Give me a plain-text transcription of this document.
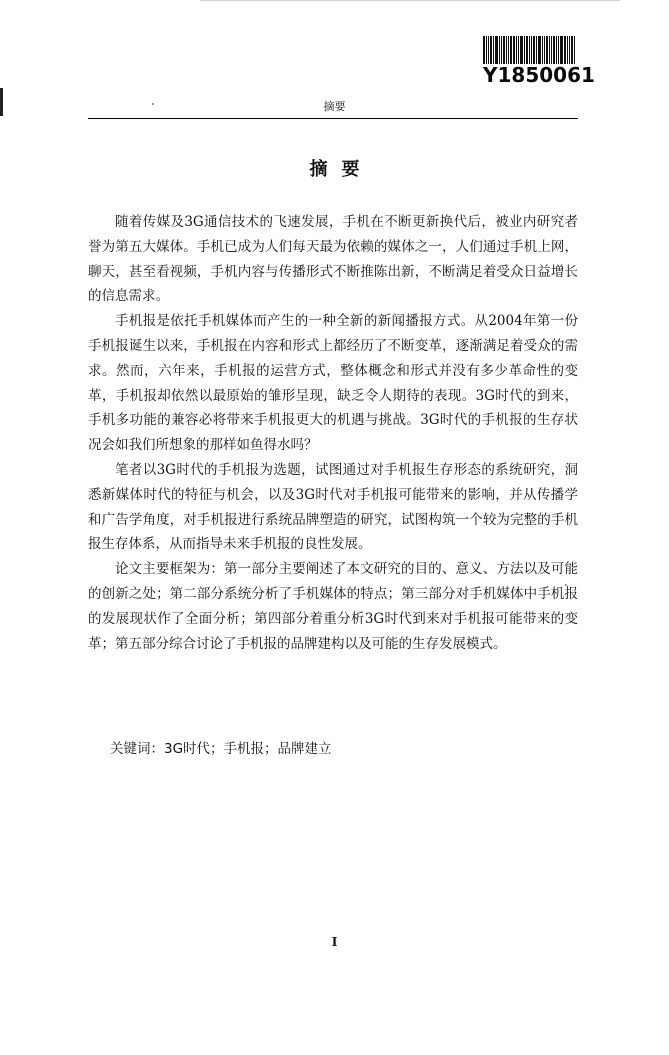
Y1850061
摘要
摘要

随着传媒及3G通信技术的飞速发展，手机在不断更新换代后，被业内研究者誉为第五大媒体。手机已成为人们每天最为依赖的媒体之一，人们通过手机上网，聊天，甚至看视频，手机内容与传播形式不断推陈出新，不断满足着受众日益增长的信息需求。

手机报是依托手机媒体而产生的一种全新的新闻播报方式。从2004年第一份手机报诞生以来，手机报在内容和形式上都经历了不断变革，逐渐满足着受众的需求。然而，六年来，手机报的运营方式，整体概念和形式并没有多少革命性的变革，手机报却依然以最原始的雏形呈现，缺乏令人期待的表现。3G时代的到来，手机多功能的兼容必将带来手机报更大的机遇与挑战。3G时代的手机报的生存状况会如我们所想象的那样如鱼得水吗？

笔者以3G时代的手机报为选题，试图通过对手机报生存形态的系统研究，洞悉新媒体时代的特征与机会，以及3G时代对手机报可能带来的影响，并从传播学和广告学角度，对手机报进行系统品牌塑造的研究，试图构筑一个较为完整的手机报生存体系，从而指导未来手机报的良性发展。

论文主要框架为：第一部分主要阐述了本文研究的目的、意义、方法以及可能的创新之处；第二部分系统分析了手机媒体的特点；第三部分对手机媒体中手机报的发展现状作了全面分析；第四部分着重分析3G时代到来对手机报可能带来的变革；第五部分综合讨论了手机报的品牌建构以及可能的生存发展模式。

关键词：3G时代；手机报；品牌建立
I
